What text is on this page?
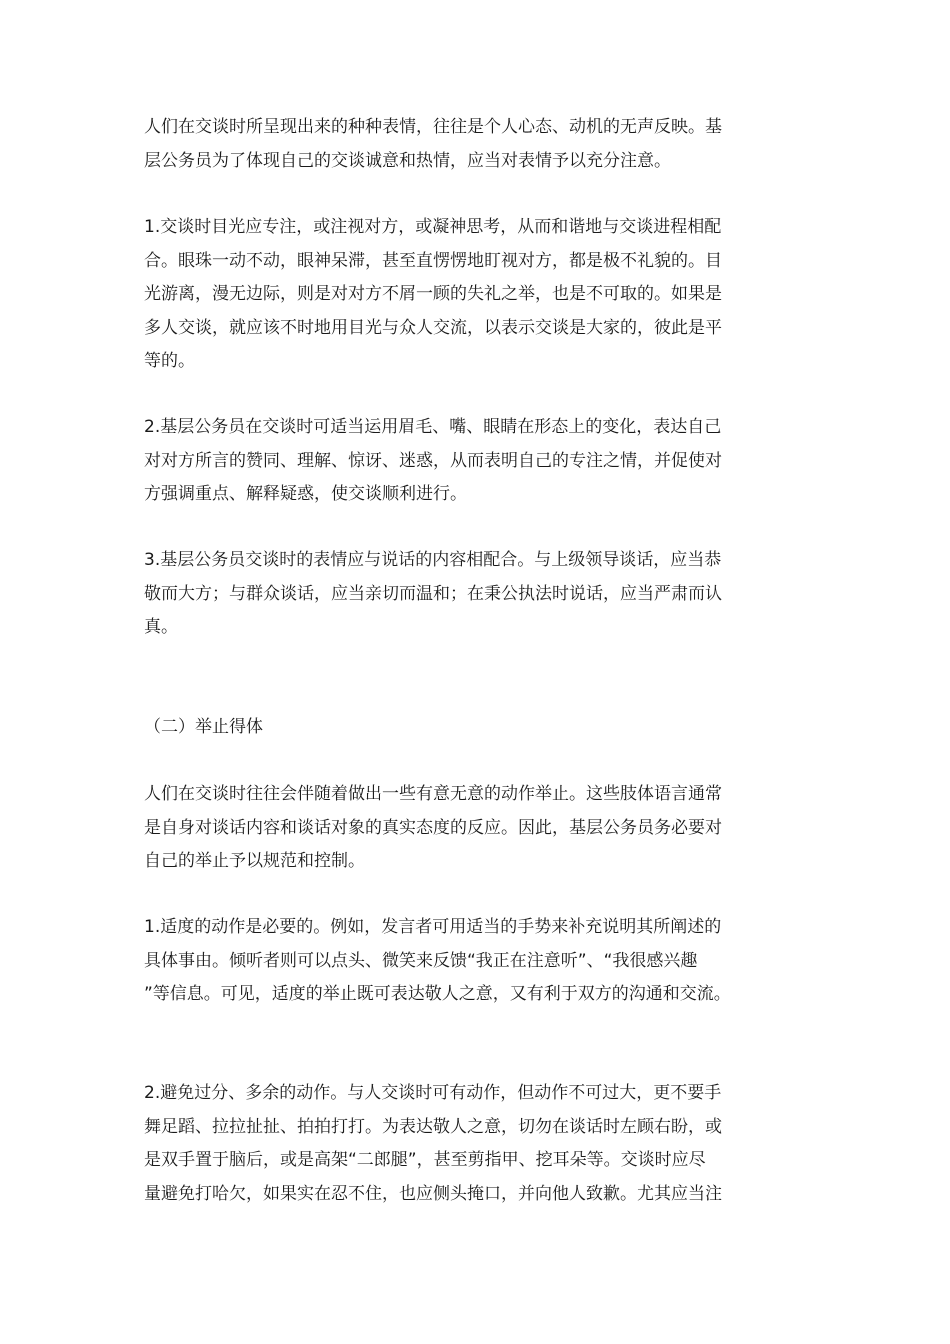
人们在交谈时所呈现出来的种种表情，往往是个人心态、动机的无声反映。基
层公务员为了体现自己的交谈诚意和热情，应当对表情予以充分注意。

1.交谈时目光应专注，或注视对方，或凝神思考，从而和谐地与交谈进程相配
合。眼珠一动不动，眼神呆滞，甚至直愣愣地盯视对方，都是极不礼貌的。目
光游离，漫无边际，则是对对方不屑一顾的失礼之举，也是不可取的。如果是
多人交谈，就应该不时地用目光与众人交流，以表示交谈是大家的，彼此是平
等的。

2.基层公务员在交谈时可适当运用眉毛、嘴、眼睛在形态上的变化，表达自己
对对方所言的赞同、理解、惊讶、迷惑，从而表明自己的专注之情，并促使对
方强调重点、解释疑惑，使交谈顺利进行。

3.基层公务员交谈时的表情应与说话的内容相配合。与上级领导谈话，应当恭
敬而大方；与群众谈话，应当亲切而温和；在秉公执法时说话，应当严肃而认
真。

（二）举止得体

人们在交谈时往往会伴随着做出一些有意无意的动作举止。这些肢体语言通常
是自身对谈话内容和谈话对象的真实态度的反应。因此，基层公务员务必要对
自己的举止予以规范和控制。

1.适度的动作是必要的。例如，发言者可用适当的手势来补充说明其所阐述的
具体事由。倾听者则可以点头、微笑来反馈“我正在注意听”、“我很感兴趣
”等信息。可见，适度的举止既可表达敬人之意，又有利于双方的沟通和交流。

2.避免过分、多余的动作。与人交谈时可有动作，但动作不可过大，更不要手
舞足蹈、拉拉扯扯、拍拍打打。为表达敬人之意，切勿在谈话时左顾右盼，或
是双手置于脑后，或是高架“二郎腿”，甚至剪指甲、挖耳朵等。交谈时应尽
量避免打哈欠，如果实在忍不住，也应侧头掩口，并向他人致歉。尤其应当注
